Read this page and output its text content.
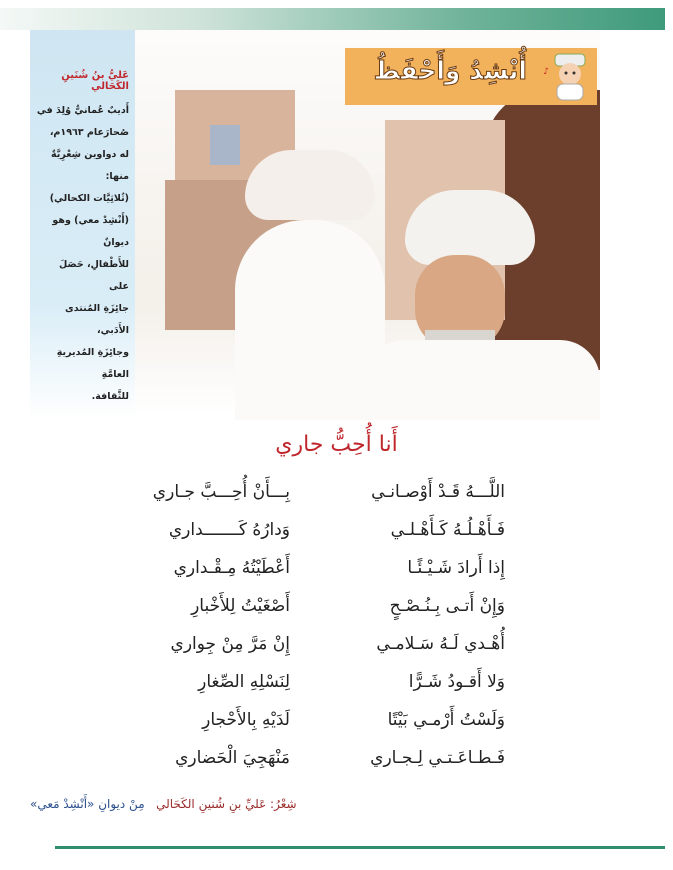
عَليُّ بنُ شُنَينِ الكَحَالي

أَديبٌ عُمانيٌّ وُلِدَ في

صُحارَعام ١٩٦٣م،

له دواوين شِعْرِيَّةٌ منها:

(ثُلاثِيَّات الكحالي)

(أَنْشِدْ معي) وهو ديوانٌ

للأَطْفالِ، حَصَلَ على

جائِزَةِ المُنتدى الأَدَبي،

وجائِزَةِ المُديريةِ العامَّةِ

للثَّقافة.

♪
أُنْشِدُ وَأَحْفَظُ
أَنا أُحِبُّ جاري
اللَّـــهُ قَـدْ أَوْصـانـي
بِـــأَنْ أُحِـــبَّ جـاري
فَـأَهْـلُـهُ كَـأَهْـلـي
وَدارُهُ كَـــــــداري
إِذا أَرادَ شَـيْـئًـا
أَعْطَيْتُهُ مِـقْـداري
وَإِنْ أَتـى بِـنُـصْـحٍ
أَصْغَيْتُ لِلأَخْبارِ
أُهْـدي لَـهُ سَـلامـي
إِنْ مَرَّ مِنْ جِواري
وَلا أَقـودُ شَـرًّا
لِنَسْلِهِ الصِّغارِ
وَلَسْتُ أَرْمـي بَيْتًا
لَدَيْهِ بِالأَحْجارِ
فَـطـاعَـتـي لِـجـاري
مَنْهَجِيَ الْحَضاري
شِعْرُ: عَليِّ بنِ شُنينِ الكَحَالي   مِنْ ديوانِ «أَنْشِدْ مَعي»
